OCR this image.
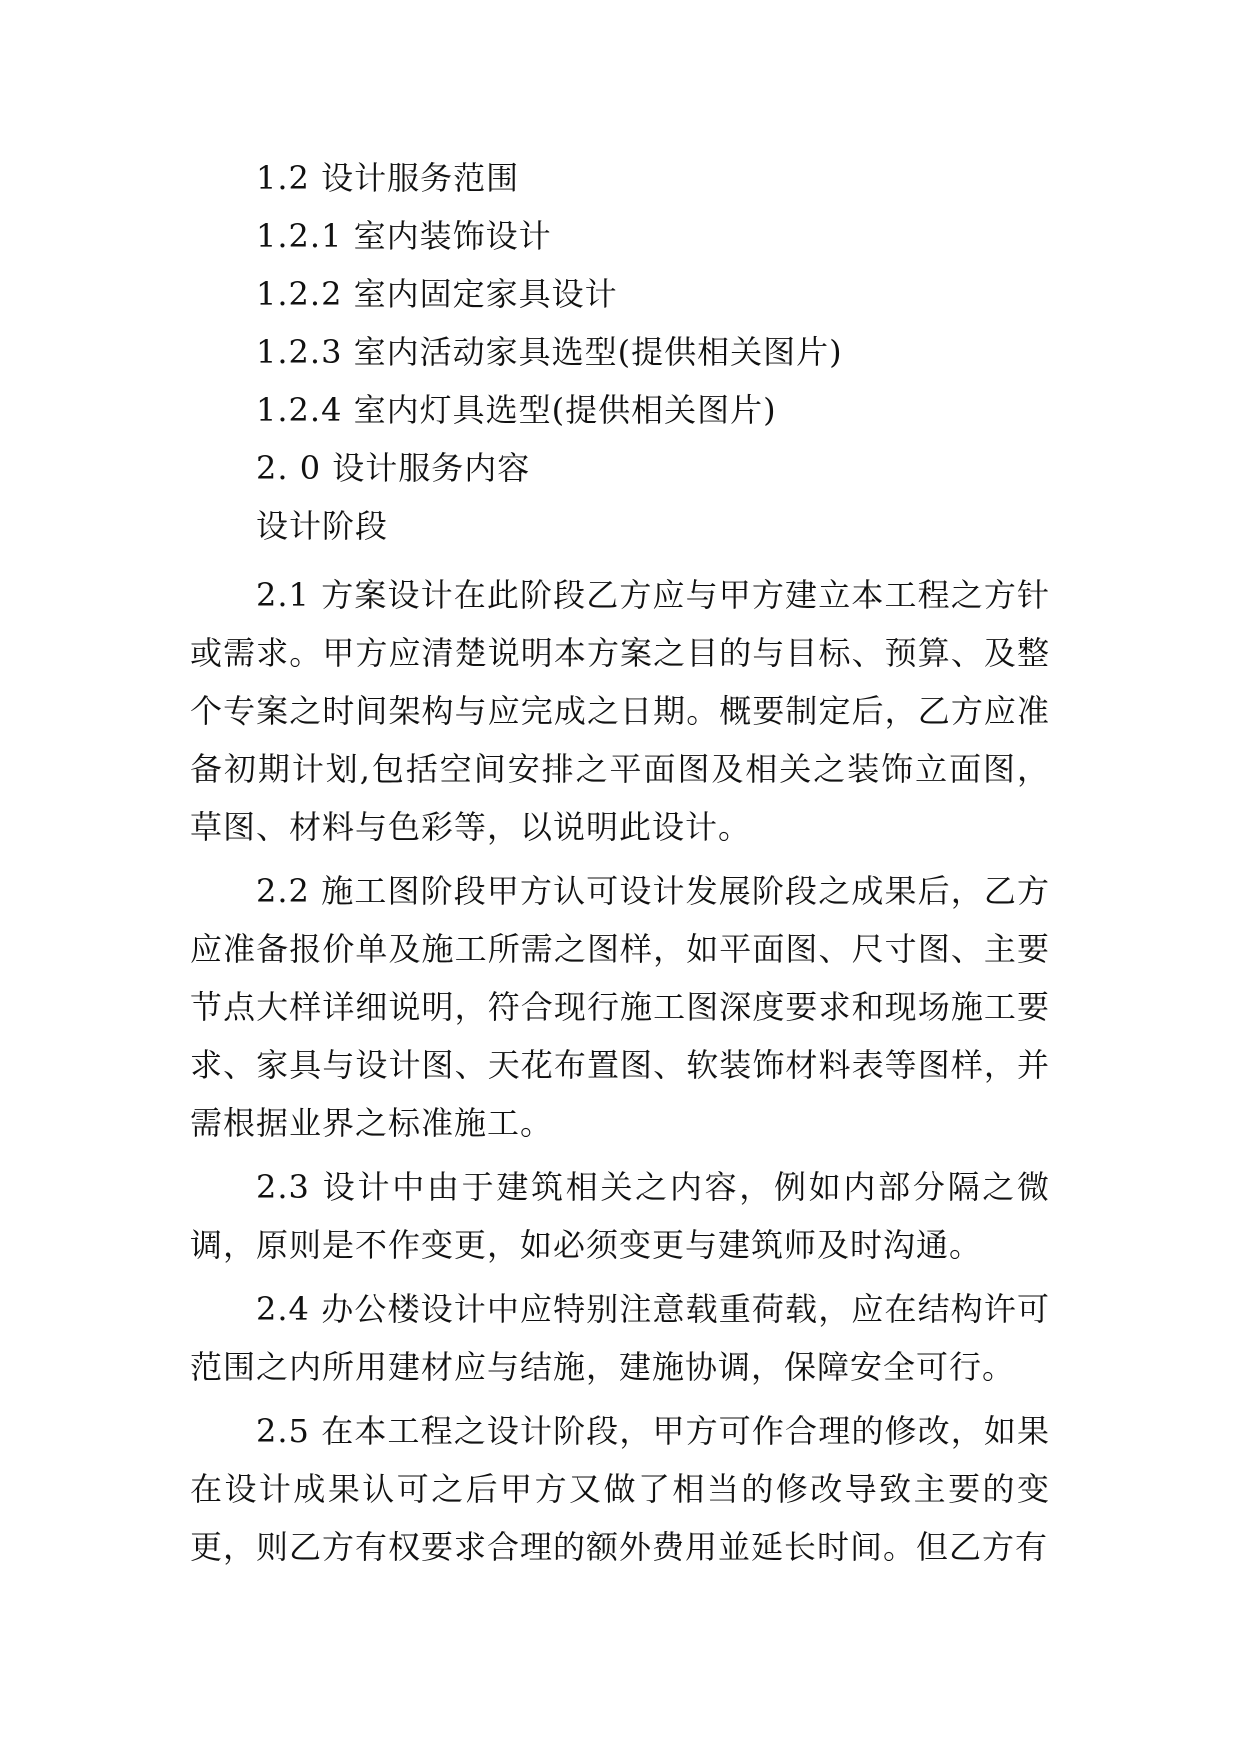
1.2 设计服务范围
1.2.1 室内装饰设计
1.2.2 室内固定家具设计
1.2.3 室内活动家具选型(提供相关图片)
1.2.4 室内灯具选型(提供相关图片)
2. 0 设计服务内容
设计阶段

2.1 方案设计在此阶段乙方应与甲方建立本工程之方针或需求。甲方应清楚说明本方案之目的与目标、预算、及整个专案之时间架构与应完成之日期。概要制定后，乙方应准备初期计划,包括空间安排之平面图及相关之装饰立面图，草图、材料与色彩等，以说明此设计。

2.2 施工图阶段甲方认可设计发展阶段之成果后，乙方应准备报价单及施工所需之图样，如平面图、尺寸图、主要节点大样详细说明，符合现行施工图深度要求和现场施工要求、家具与设计图、天花布置图、软装饰材料表等图样，并需根据业界之标准施工。

2.3 设计中由于建筑相关之内容，例如内部分隔之微调，原则是不作变更，如必须变更与建筑师及时沟通。

2.4 办公楼设计中应特别注意载重荷载，应在结构许可范围之内所用建材应与结施，建施协调，保障安全可行。

2.5 在本工程之设计阶段，甲方可作合理的修改，如果在设计成果认可之后甲方又做了相当的修改导致主要的变更，则乙方有权要求合理的额外费用並延长时间。但乙方有
